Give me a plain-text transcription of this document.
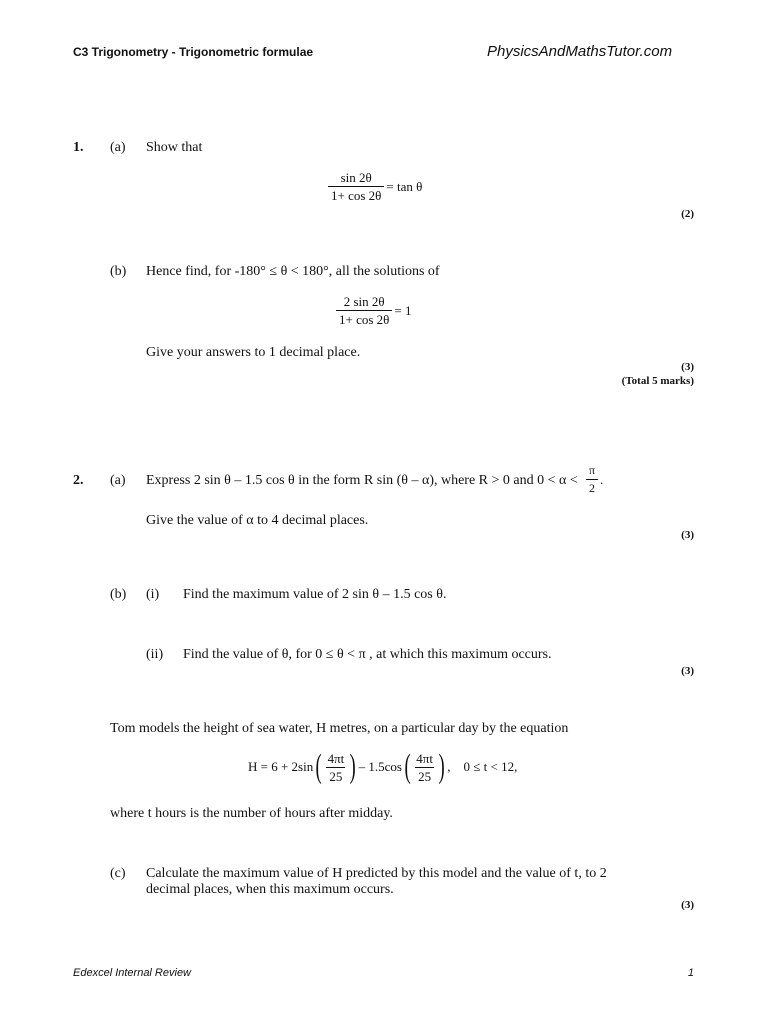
C3 Trigonometry - Trigonometric formulae	PhysicsAndMathsTutor.com
1. (a) Show that
$\frac{\sin 2\theta}{1+ \cos 2\theta} = \tan \theta$
(2)
(b) Hence find, for -180° ≤ θ < 180°, all the solutions of
$\frac{2 \sin 2\theta}{1+ \cos 2\theta} = 1$
Give your answers to 1 decimal place.
(3)
(Total 5 marks)
2. (a) Express 2 sin θ – 1.5 cos θ in the form R sin (θ – α), where R > 0 and $0 < \alpha < \frac{\pi}{2}$ .
Give the value of α to 4 decimal places.
(3)
(b) (i) Find the maximum value of 2 sin θ – 1.5 cos θ.
(ii) Find the value of θ, for 0 ≤ θ < π , at which this maximum occurs.
(3)
Tom models the height of sea water, H metres, on a particular day by the equation
H = 6 + 2sin ( $\frac{4\pi t}{25}$ ) – 1.5cos ( $\frac{4\pi t}{25}$ ) ,    0 ≤ t < 12,
where t hours is the number of hours after midday.
(c) Calculate the maximum value of H predicted by this model and the value of t, to 2
decimal places, when this maximum occurs.
(3)
Edexcel Internal Review	1
